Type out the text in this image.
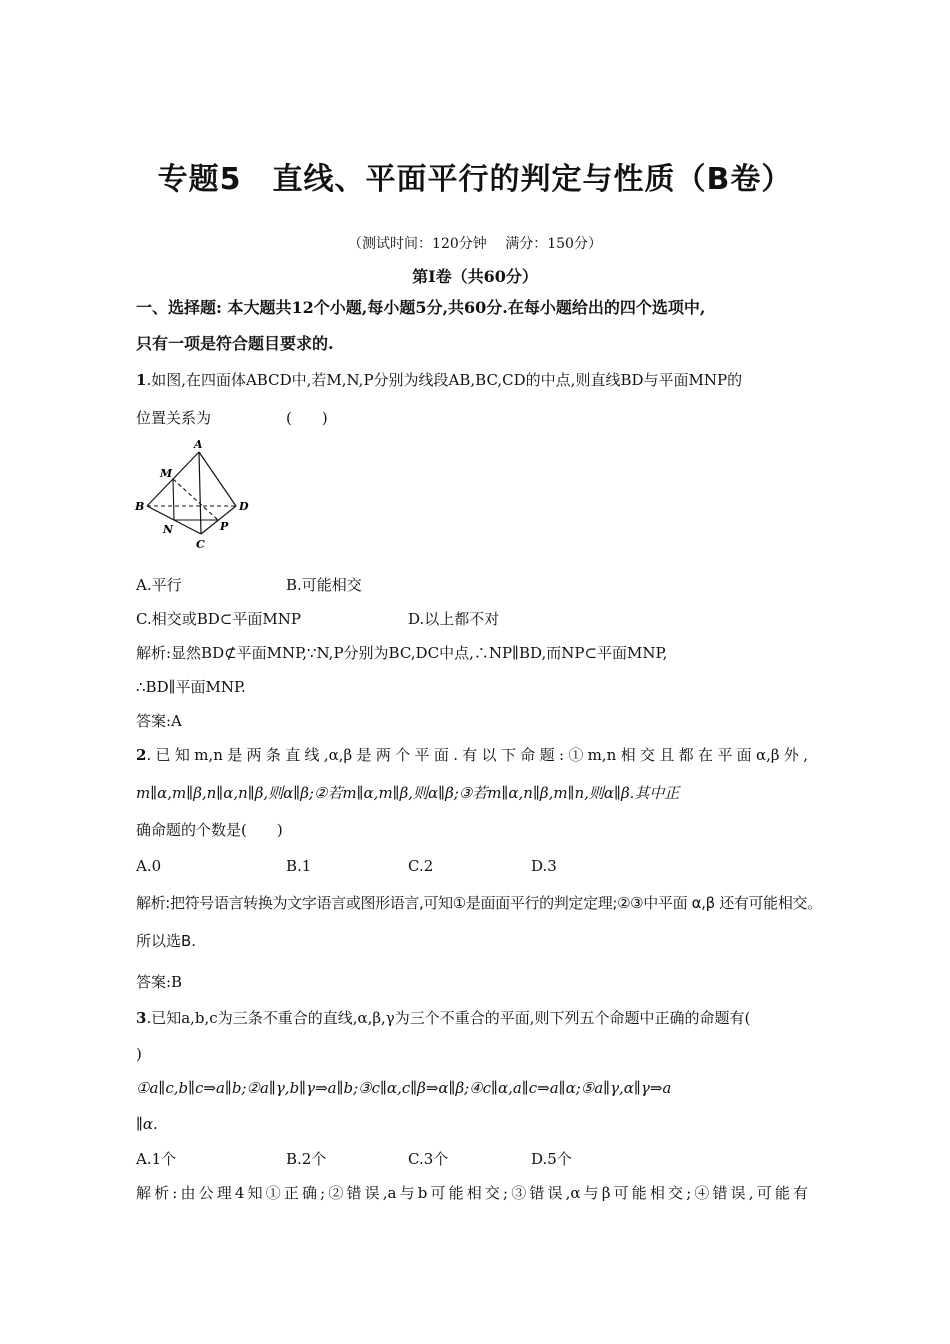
专题5　直线、平面平行的判定与性质（B卷）
（测试时间：120分钟　 满分：150分）
第Ⅰ卷（共60分）
一、选择题: 本大题共12个小题,每小题5分,共60分.在每小题给出的四个选项中,
只有一项是符合题目要求的.
1.如图,在四面体ABCD中,若M,N,P分别为线段AB,BC,CD的中点,则直线BD与平面MNP的
位置关系为　　　　　(　　)
A
M
B	D
N	P
C
A.平行	B.可能相交
C.相交或BD⊂平面MNP	D.以上都不对
解析:显然BD⊄平面MNP,∵N,P分别为BC,DC中点,∴NP∥BD,而NP⊂平面MNP,
∴BD∥平面MNP.
答案:A
2.已知m,n是两条直线,α,β是两个平面.有以下命题:①m,n相交且都在平面α,β外,
m∥α,m∥β,n∥α,n∥β,则α∥β;②若m∥α,m∥β,则α∥β;③若m∥α,n∥β,m∥n,则α∥β.其中正
确命题的个数是(　　)
A.0	B.1	C.2	D.3
解析:把符号语言转换为文字语言或图形语言,可知①是面面平行的判定定理;②③中平面 α,β 还有可能相交。
所以选B.
答案:B
3.已知a,b,c为三条不重合的直线,α,β,γ为三个不重合的平面,则下列五个命题中正确的命题有(
)
①a∥c,b∥c⇒a∥b;②a∥γ,b∥γ⇒a∥b;③c∥α,c∥β⇒α∥β;④c∥α,a∥c⇒a∥α;⑤a∥γ,α∥γ⇒a
∥α.
A.1个	B.2个	C.3个	D.5个
解析:由公理4知①正确;②错误,a与b可能相交;③错误,α与β可能相交;④错误,可能有
